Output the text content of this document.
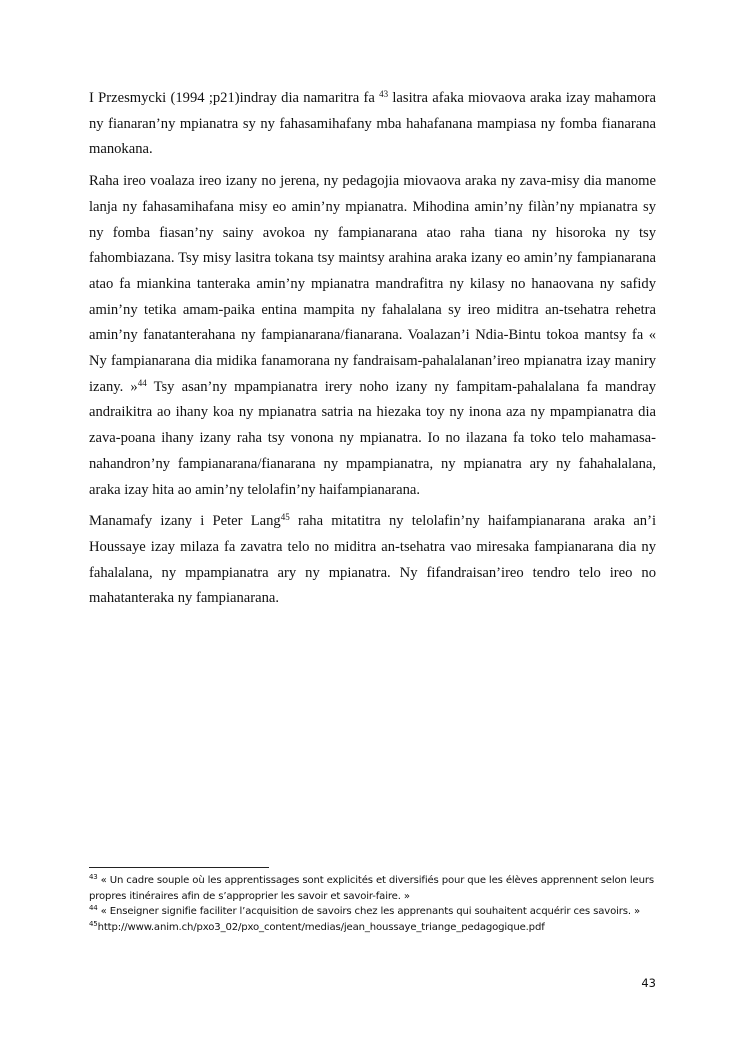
I Przesmycki (1994 ;p21)indray dia namaritra fa $^{43}$ lasitra afaka miovaova araka izay mahamora ny fianaran’ny mpianatra sy ny fahasamihafany mba hahafanana mampiasa ny fomba fianarana manokana.

Raha ireo voalaza ireo izany no jerena, ny pedagojia miovaova araka ny zava-misy dia manome lanja ny fahasamihafana misy eo amin’ny mpianatra. Mihodina amin’ny filàn’ny mpianatra sy ny fomba fiasan’ny sainy avokoa ny fampianarana atao raha tiana ny hisoroka ny tsy fahombiazana. Tsy misy lasitra tokana tsy maintsy arahina araka izany eo amin’ny fampianarana atao fa miankina tanteraka amin’ny mpianatra mandrafitra ny kilasy no hanaovana ny safidy amin’ny tetika amam-paika entina mampita ny fahalalana sy ireo miditra an-tsehatra rehetra amin’ny fanatanterahana ny fampianarana/fianarana. Voalazan’i Ndia-Bintu tokoa mantsy fa « Ny fampianarana dia midika fanamorana ny fandraisam-pahalalanan’ireo mpianatra izay maniry izany. »$^{44}$ Tsy asan’ny mpampianatra irery noho izany ny fampitam-pahalalana fa mandray andraikitra ao ihany koa ny mpianatra satria na hiezaka toy ny inona aza ny mpampianatra dia zava-poana ihany izany raha tsy vonona ny mpianatra. Io no ilazana fa toko telo mahamasa-nahandron’ny fampianarana/fianarana ny mpampianatra, ny mpianatra ary ny fahahalalana, araka izay hita ao amin’ny telolafin’ny haifampianarana.

Manamafy izany i Peter Lang$^{45}$ raha mitatitra ny telolafin’ny haifampianarana araka an’i Houssaye izay milaza fa zavatra telo no miditra an-tsehatra vao miresaka fampianarana dia ny fahalalana, ny mpampianatra ary ny mpianatra. Ny fifandraisan’ireo tendro telo ireo no mahatanteraka ny fampianarana.

$^{43}$ « Un cadre souple où les apprentissages sont explicités et diversifiés pour que les élèves apprennent selon leurs propres itinéraires afin de s’approprier les savoir et savoir-faire. »

$^{44}$ « Enseigner signifie faciliter l’acquisition de savoirs chez les apprenants qui souhaitent acquérir ces savoirs. »

$^{45}$http://www.anim.ch/pxo3_02/pxo_content/medias/jean_houssaye_triange_pedagogique.pdf

43
